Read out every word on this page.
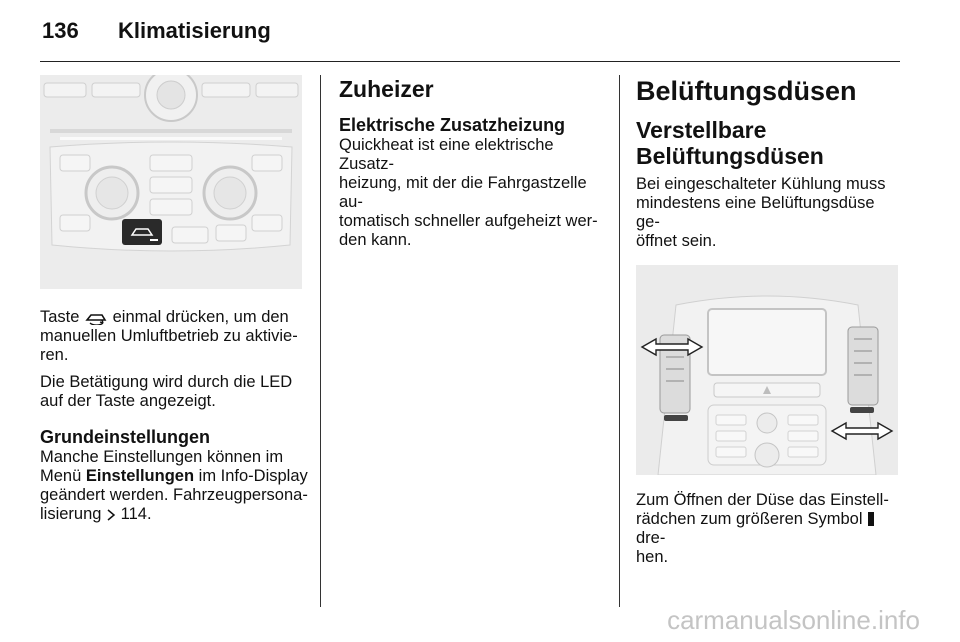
136 Klimatisierung

Taste einmal drücken, um den
manuellen Umluftbetrieb zu aktivie-
ren.

Die Betätigung wird durch die LED
auf der Taste angezeigt.

Grundeinstellungen

Manche Einstellungen können im
Menü Einstellungen im Info-Display
geändert werden. Fahrzeugpersona-
lisierung 114.

Zuheizer
Elektrische Zusatzheizung

Quickheat ist eine elektrische Zusatz-
heizung, mit der die Fahrgastzelle au-
tomatisch schneller aufgeheizt wer-
den kann.

Belüftungsdüsen
Verstellbare
Belüftungsdüsen

Bei eingeschalteter Kühlung muss
mindestens eine Belüftungsdüse ge-
öffnet sein.

Zum Öffnen der Düse das Einstell-
rädchen zum größeren Symbol  dre-
hen.

carmanualsonline.info
